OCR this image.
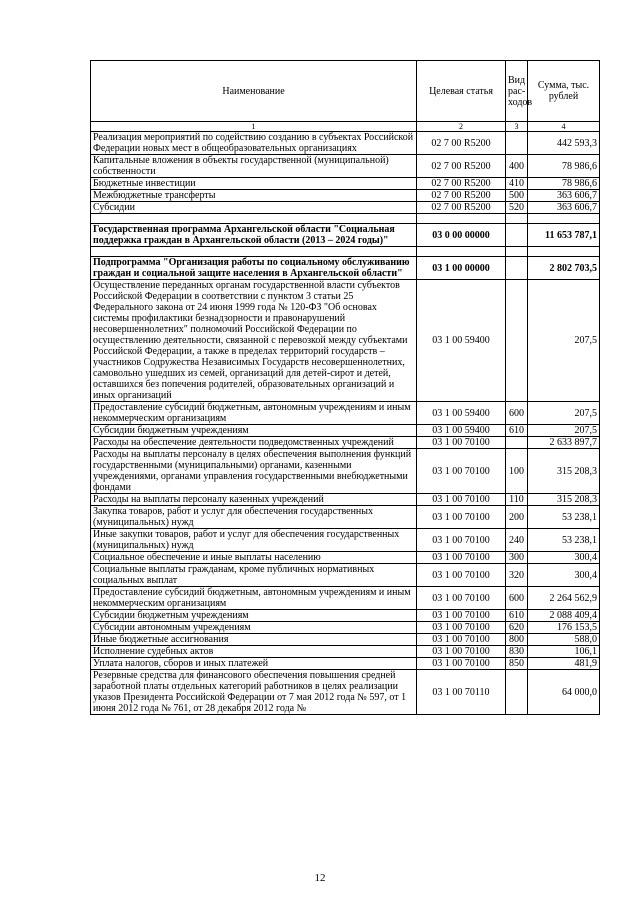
Наименование	Целевая статья	Вид рас-ходов	Сумма, тыс. рублей
1	2	3	4
Реализация мероприятий по содействию созданию в субъектах Российской Федерации новых мест в общеобразовательных организациях	02 7 00 R5200		442 593,3
Капитальные вложения в объекты государственной (муниципальной) собственности	02 7 00 R5200	400	78 986,6
Бюджетные инвестиции	02 7 00 R5200	410	78 986,6
Межбюджетные трансферты	02 7 00 R5200	500	363 606,7
Субсидии	02 7 00 R5200	520	363 606,7

Государственная программа Архангельской области "Социальная поддержка граждан в Архангельской области (2013 – 2024 годы)"	03 0 00 00000		11 653 787,1

Подпрограмма "Организация работы по социальному обслуживанию граждан и социальной защите населения в Архангельской области"	03 1 00 00000		2 802 703,5
Осуществление переданных органам государственной власти субъектов Российской Федерации в соответствии с пунктом 3 статьи 25 Федерального закона от 24 июня 1999 года № 120-ФЗ "Об основах системы профилактики безнадзорности и правонарушений несовершеннолетних" полномочий Российской Федерации по осуществлению деятельности, связанной с перевозкой между субъектами Российской Федерации, а также в пределах территорий государств – участников Содружества Независимых Государств несовершеннолетних, самовольно ушедших из семей, организаций для детей-сирот и детей, оставшихся без попечения родителей, образовательных организаций и иных организаций	03 1 00 59400		207,5
Предоставление субсидий бюджетным, автономным учреждениям и иным некоммерческим организациям	03 1 00 59400	600	207,5
Субсидии бюджетным учреждениям	03 1 00 59400	610	207,5
Расходы на обеспечение деятельности подведомственных учреждений	03 1 00 70100		2 633 897,7
Расходы на выплаты персоналу в целях обеспечения выполнения функций государственными (муниципальными) органами, казенными учреждениями, органами управления государственными внебюджетными фондами	03 1 00 70100	100	315 208,3
Расходы на выплаты персоналу казенных учреждений	03 1 00 70100	110	315 208,3
Закупка товаров, работ и услуг для обеспечения государственных (муниципальных) нужд	03 1 00 70100	200	53 238,1
Иные закупки товаров, работ и услуг для обеспечения государственных (муниципальных) нужд	03 1 00 70100	240	53 238,1
Социальное обеспечение и иные выплаты населению	03 1 00 70100	300	300,4
Социальные выплаты гражданам, кроме публичных нормативных социальных выплат	03 1 00 70100	320	300,4
Предоставление субсидий бюджетным, автономным учреждениям и иным некоммерческим организациям	03 1 00 70100	600	2 264 562,9
Субсидии бюджетным учреждениям	03 1 00 70100	610	2 088 409,4
Субсидии автономным учреждениям	03 1 00 70100	620	176 153,5
Иные бюджетные ассигнования	03 1 00 70100	800	588,0
Исполнение судебных актов	03 1 00 70100	830	106,1
Уплата налогов, сборов и иных платежей	03 1 00 70100	850	481,9
Резервные средства для финансового обеспечения повышения средней заработной платы отдельных категорий работников в целях реализации указов Президента Российской Федерации от 7 мая 2012 года № 597, от 1 июня 2012 года № 761, от 28 декабря 2012 года №	03 1 00 70110		64 000,0
12
